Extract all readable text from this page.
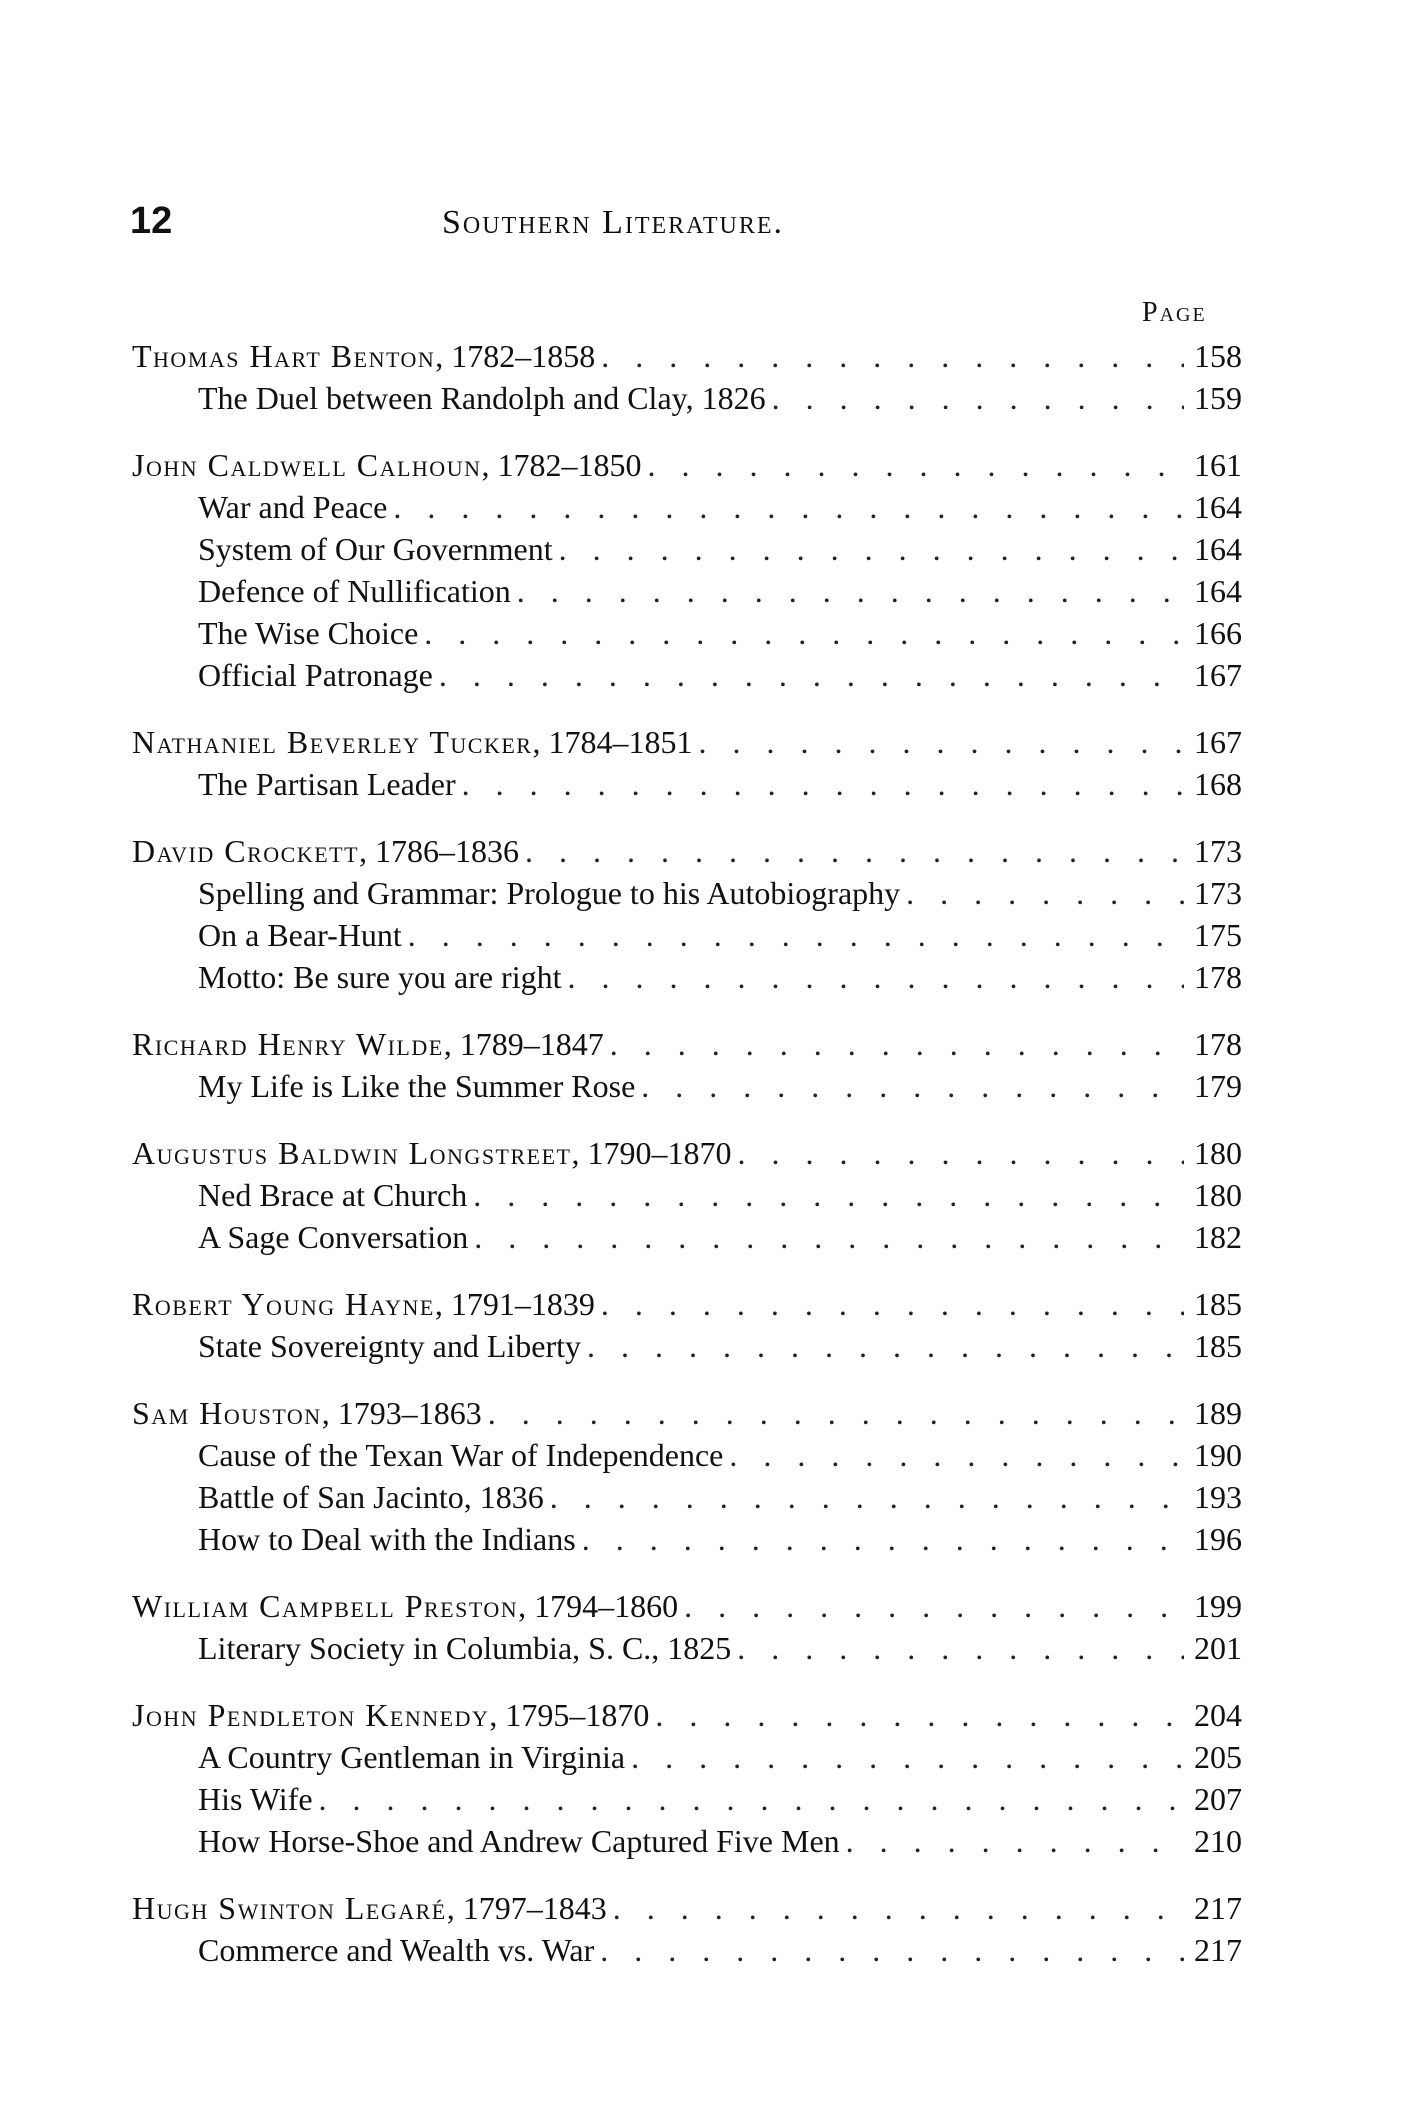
12	Southern Literature.
Page
Thomas Hart Benton, 1782–1858 . . .	158
The Duel between Randolph and Clay, 1826 . . .	159
John Caldwell Calhoun, 1782–1850 . . .	161
War and Peace . . .	164
System of Our Government . . .	164
Defence of Nullification . . .	164
The Wise Choice . . .	166
Official Patronage . . .	167
Nathaniel Beverley Tucker, 1784–1851 . . .	167
The Partisan Leader . . .	168
David Crockett, 1786–1836 . . .	173
Spelling and Grammar: Prologue to his Autobiography . . .	173
On a Bear-Hunt . . .	175
Motto: Be sure you are right . . .	178
Richard Henry Wilde, 1789–1847 . . .	178
My Life is Like the Summer Rose . . .	179
Augustus Baldwin Longstreet, 1790–1870 . . .	180
Ned Brace at Church . . .	180
A Sage Conversation . . .	182
Robert Young Hayne, 1791–1839 . . .	185
State Sovereignty and Liberty . . .	185
Sam Houston, 1793–1863 . . .	189
Cause of the Texan War of Independence . . .	190
Battle of San Jacinto, 1836 . . .	193
How to Deal with the Indians . . .	196
William Campbell Preston, 1794–1860 . . .	199
Literary Society in Columbia, S. C., 1825 . . .	201
John Pendleton Kennedy, 1795–1870 . . .	204
A Country Gentleman in Virginia . . .	205
His Wife . . .	207
How Horse-Shoe and Andrew Captured Five Men . . .	210
Hugh Swinton Legaré, 1797–1843 . . .	217
Commerce and Wealth vs. War . . .	217
